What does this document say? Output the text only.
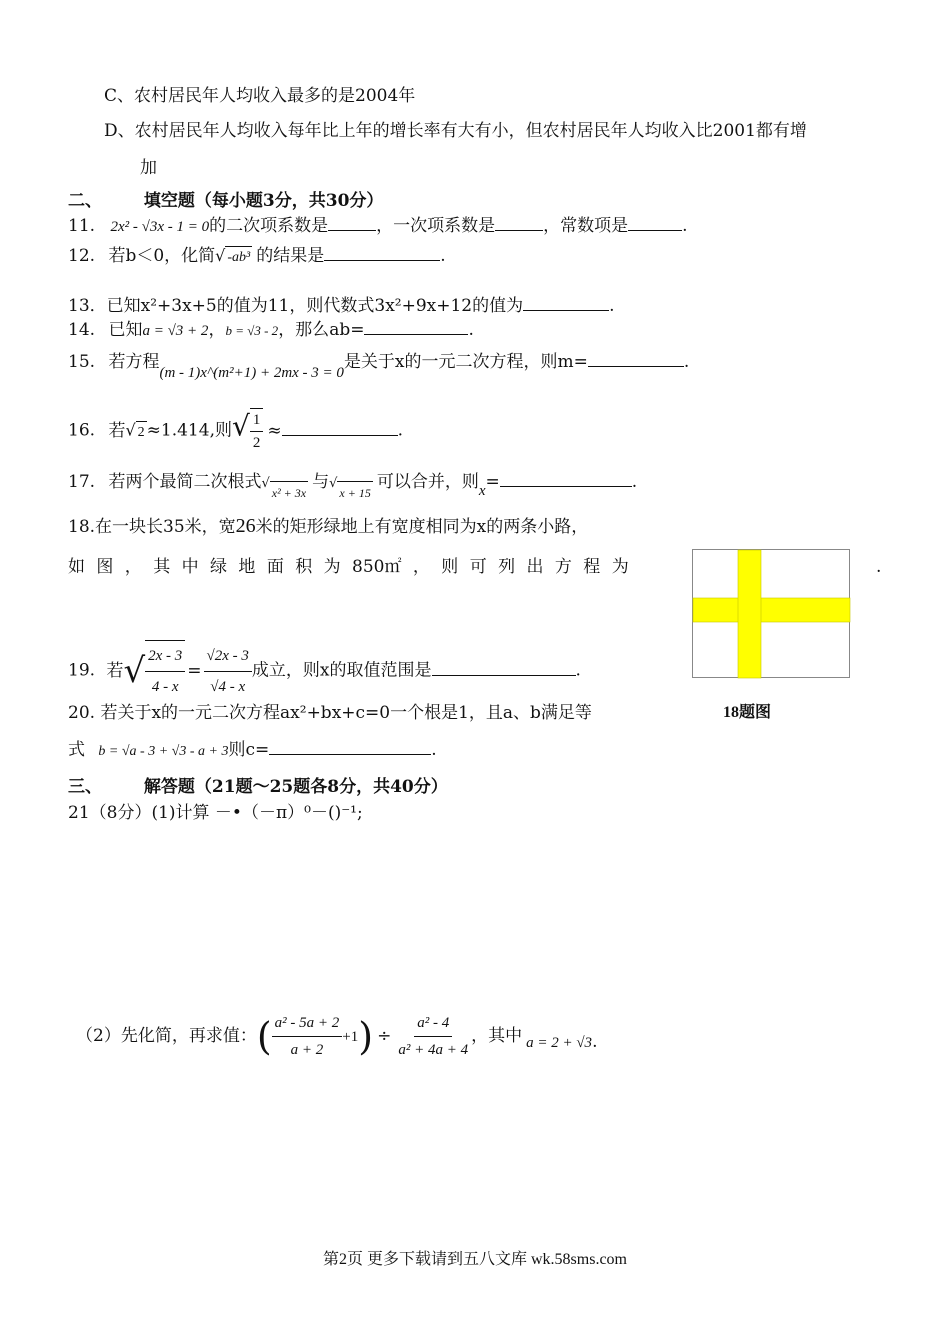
C、农村居民年人均收入最多的是2004年
D、农村居民年人均收入每年比上年的增长率有大有小，但农村居民年人均收入比2001都有增
加
二、 填空题（每小题3分，共30分）
11. 2x² - √3x - 1 = 0的二次项系数是	，一次项系数是	，常数项是	.
12. 若b＜0，化简√ -ab³ 的结果是	.
13．已知x²+3x+5的值为11，则代数式3x²+9x+12的值为	.
14. 已知a = √3 + 2，b = √3 - 2，那么ab=	.
15. 若方程(m - 1)x^(m²+1) + 2mx - 3 = 0是关于x的一元二次方程，则m=	.
16. 若√ 2 ≈1.414,则√ $\frac{1}{2}$ ≈	.
17. 若两个最简二次根式√x² + 3x与√x + 15可以合并，则x=	.
18.在一块长35米，宽26米的矩形绿地上有宽度相同为x的两条小路，
如 图 ， 其 中 绿 地 面 积 为 850㎡ ， 则 可 列 出 方 程 为	.
18题图
19. 若√ $\frac{2x - 3}{4 - x} = \frac{√2x - 3}{√4 - x}$ 成立，则x的取值范围是	.
20. 若关于x的一元二次方程ax²+bx+c=0一个根是1，且a、b满足等
式 b = √a - 3 + √3 - a + 3则c=	.
三、 解答题（21题～25题各8分，共40分）
21（8分）(1)计算 －•（－π）⁰－()⁻¹;
（2）先化简，再求值：( $\frac{\text{a² - 5a + 2}}{a + 2} +1) \div \frac{\text{a² - 4}}{\text{a² + 4a + 4}}$ ，其中 a = 2 + √3.
第2页 更多下载请到五八文库 wk.58sms.com
